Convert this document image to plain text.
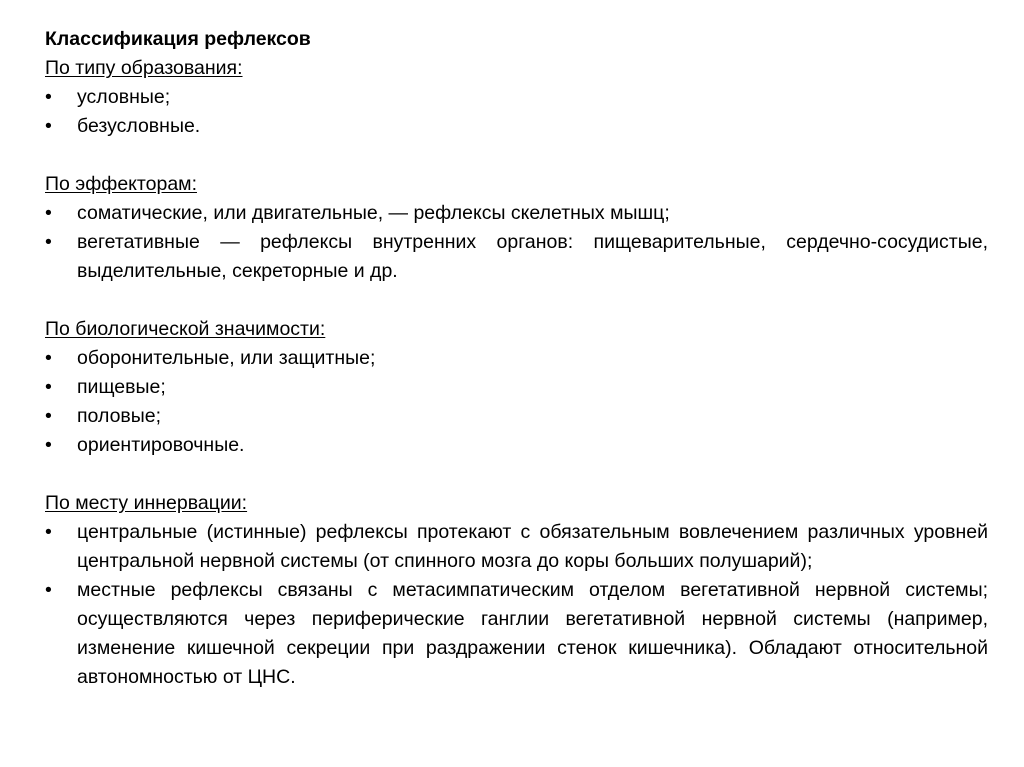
Классификация рефлексов

По типу образования:

• условные;
• безусловные.

По эффекторам:

• соматические, или двигательные, — рефлексы скелетных мышц;
• вегетативные — рефлексы внутренних органов: пищеварительные, сердечно-сосудистые, выделительные, секреторные и др.

По биологической значимости:

• оборонительные, или защитные;
• пищевые;
• половые;
• ориентировочные.

По месту иннервации:

• центральные (истинные) рефлексы протекают с обязательным вовлечением различных уровней центральной нервной системы (от спинного мозга до коры больших полушарий);
• местные рефлексы связаны с метасимпатическим отделом вегетативной нервной системы; осуществляются через периферические ганглии вегетативной нервной системы (например, изменение кишечной секреции при раздражении стенок кишечника). Обладают относительной автономностью от ЦНС.
